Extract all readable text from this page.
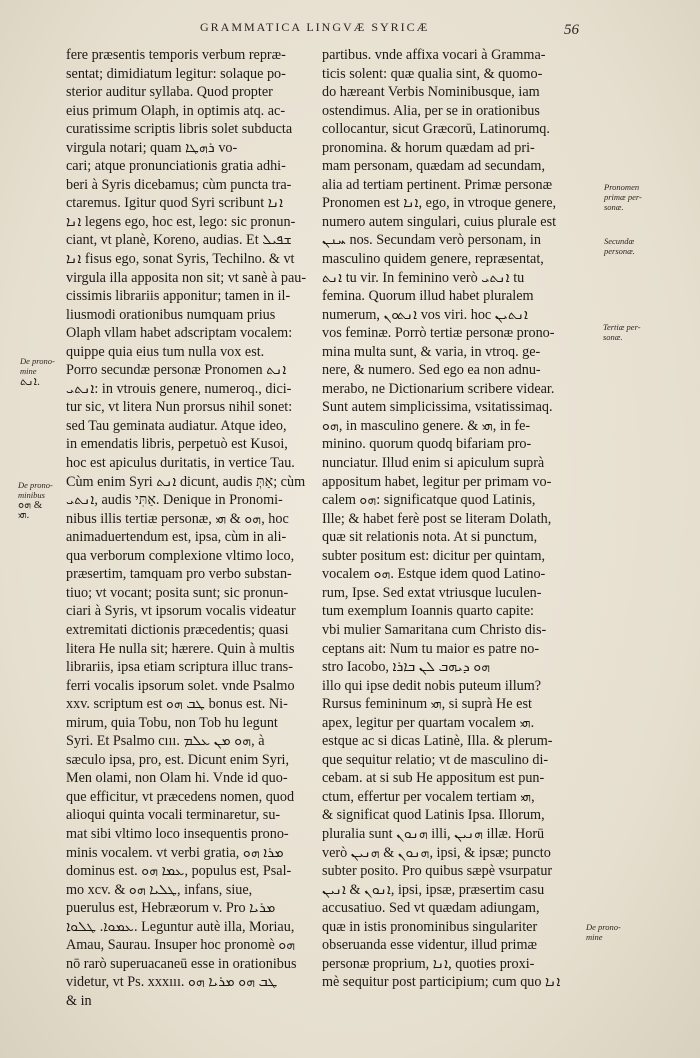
GRAMMATICA LINGVÆ SYRICÆ	56
fere præsentis temporis verbum repræ-
sentat; dimidiatum legitur: solaque po-
sterior auditur syllaba. Quod propter
eius primum Olaph, in optimis atq. ac-
curatissime scriptis libris solet subducta
virgula notari; quam ܪܗܛܐ vo-
cari; atque pronunciationis gratia adhi-
beri à Syris dicebamus; cùm puncta tra-
ctaremus. Igitur quod Syri scribunt ܐܢܐ
ܐܢܐ legens ego, hoc est, lego: sic pronun-
ciant, vt planè, Koreno, audias. Et ܫܦܝܠ
ܐܢܐ fisus ego, sonat Syris, Techilno. & vt
virgula illa apposita non sit; vt sanè à pau-
cissimis librariis apponitur; tamen in il-
liusmodi orationibus numquam prius
Olaph vllam habet adscriptam vocalem:
quippe quia eius tum nulla vox est.
Porro secundæ personæ Pronomen ܐܢܬ
ܐܢܬܝ: in vtrouis genere, numeroq., dici-
tur sic, vt litera Nun prorsus nihil sonet:
sed Tau geminata audiatur. Atque ideo,
in emendatis libris, perpetuò est Kusoi,
hoc est apiculus duritatis, in vertice Tau.
Cùm enim Syri ܐܢܬ dicunt, audis אַתְּ; cùm
ܐܢܬܝ, audis אַתִּי. Denique in Pronomi-
nibus illis tertiæ personæ, ܗܘ & ܗܝ, hoc
animaduertendum est, ipsa, cùm in ali-
qua verborum complexione vltimo loco,
præsertim, tamquam pro verbo substan-
tiuo; vt vocant; posita sunt; sic pronun-
ciari à Syris, vt ipsorum vocalis videatur
extremitati dictionis præcedentis; quasi
litera He nulla sit; hærere. Quin à multis
librariis, ipsa etiam scriptura illuc trans-
ferri vocalis ipsorum solet. vnde Psalmo
xxv. scriptum est ܛܒ ܗܘ bonus est. Ni-
mirum, quia Tobu, non Tob hu legunt
Syri. Et Psalmo cııı. ܗܘ ܡܢ ܥܠܡ, à
sæculo ipsa, pro, est. Dicunt enim Syri,
Men olami, non Olam hi. Vnde id quo-
que efficitur, vt præcedens nomen, quod
alioqui quinta vocali terminaretur, su-
mat sibi vltimo loco insequentis prono-
minis vocalem. vt verbi gratia, ܡܪܐ ܗܘ
dominus est. ܥܡܐ ܗܘ, populus est, Psal-
mo xcv. & ܛܠܝܐ ܗܘ, infans, siue,
puerulus est, Hebræorum v. Pro ܡܪܝܐ
ܥܡܘܐ. ܛܠܘܐ. Leguntur autè illa, Moriau,
Amau, Saurau. Insuper hoc pronomè ܗܘ
nō rarò superuacaneū esse in orationibus
videtur, vt Ps. xxxııı. ܛܒ ܗܘ ܡܪܝܐ ܗܘ
& in
partibus. vnde affixa vocari à Gramma-
ticis solent: quæ qualia sint, & quomo-
do hæreant Verbis Nominibusque, iam
ostendimus. Alia, per se in orationibus
collocantur, sicut Græcorū, Latinorumq.
pronomina. & horum quædam ad pri-
mam personam, quædam ad secundam,
alia ad tertiam pertinent. Primæ personæ
Pronomen est ܐܢܐ, ego, in vtroque genere,
numero autem singulari, cuius plurale est
ܚܢܢ nos. Secundam verò personam, in
masculino quidem genere, repræsentat,
ܐܢܬ tu vir. In feminino verò ܐܢܬܝ tu
femina. Quorum illud habet pluralem
numerum, ܐܢܬܘܢ vos viri. hoc ܐܢܬܝܢ
vos feminæ. Porrò tertiæ personæ prono-
mina multa sunt, & varia, in vtroq. ge-
nere, & numero. Sed ego ea non adnu-
merabo, ne Dictionarium scribere videar.
Sunt autem simplicissima, vsitatissimaq.
ܗܘ, in masculino genere. & ܗܝ, in fe-
minino. quorum quodq bifariam pro-
nunciatur. Illud enim si apiculum suprà
appositum habet, legitur per primam vo-
calem ܗܘ: significatque quod Latinis,
Ille; & habet ferè post se literam Dolath,
quæ sit relationis nota. At si punctum,
subter positum est: dicitur per quintam,
vocalem ܗܘ. Estque idem quod Latino-
rum, Ipse. Sed extat vtriusque luculen-
tum exemplum Ioannis quarto capite:
vbi mulier Samaritana cum Christo dis-
ceptans ait: Num tu maior es patre no-
stro Iacobo, ܗܘ ܕܝܗܒ ܠܢ ܒܐܪܐ
illo qui ipse dedit nobis puteum illum?
Rursus femininum ܗܝ, si suprà He est
apex, legitur per quartam vocalem ܗܝ.
estque ac si dicas Latinè, Illa. & plerum-
que sequitur relatio; vt de masculino di-
cebam. at si sub He appositum est pun-
ctum, effertur per vocalem tertiam ܗܝ,
& significat quod Latinis Ipsa. Illorum,
pluralia sunt ܗܢܘܢ illi, ܗܢܝܢ illæ. Horū
verò ܗܢܘܢ & ܗܢܝܢ, ipsi, & ipsæ; puncto
subter posito. Pro quibus sæpè vsurpatur
ܐܢܘܢ & ܐܢܝܢ, ipsi, ipsæ, præsertim casu
accusatiuo. Sed vt quædam adiungam,
quæ in istis pronominibus singulariter
obseruanda esse videntur, illud primæ
personæ proprium, ܐܢܐ, quoties proxi-
mè sequitur post participium; cum quo ܐܢܐ
De prono-
mine
ܐܢܬ.
De prono-
minibus
ܗܘ &
ܗܝ.
Pronomen
primæ per-
sonæ.
Secundæ
personæ.
Tertiæ per-
sonæ.
De prono-
mine
